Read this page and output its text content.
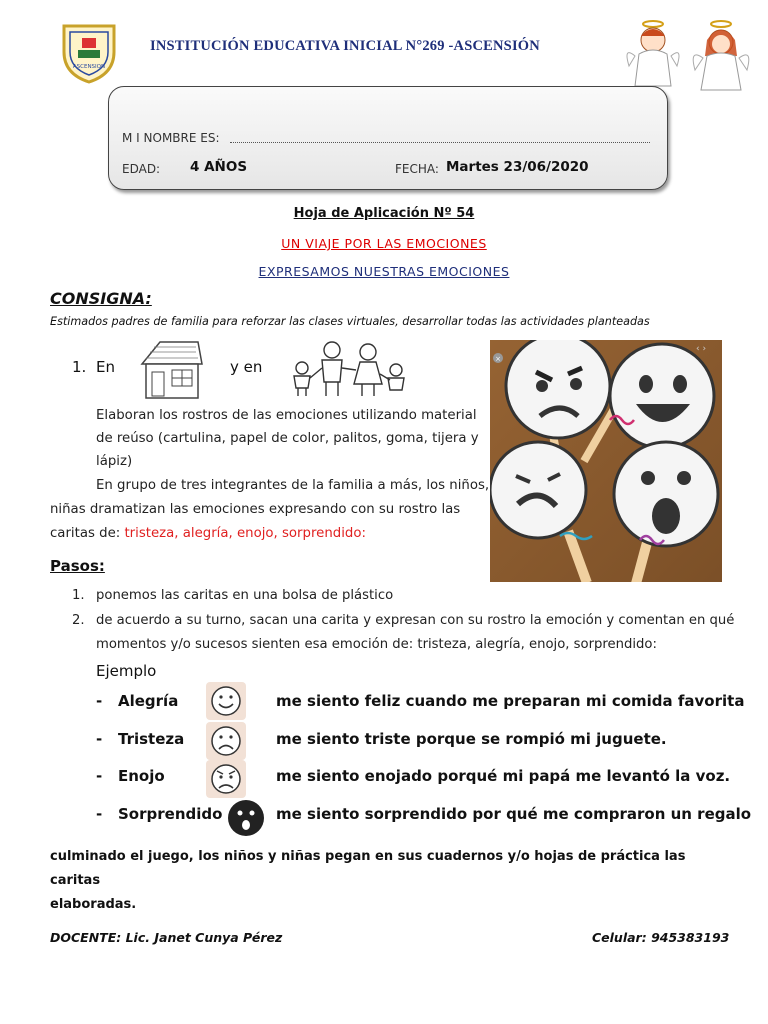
ASCENSION
INSTITUCIÓN EDUCATIVA INICIAL N°269 -ASCENSIÓN
M I NOMBRE ES:
EDAD: 4 AÑOS	FECHA: Martes 23/06/2020
Hoja de Aplicación Nº 54
UN VIAJE POR LAS EMOCIONES
EXPRESAMOS NUESTRAS EMOCIONES
CONSIGNA:
Estimados padres de familia para reforzar las clases virtuales, desarrollar todas las actividades planteadas
1. En	y en
Elaboran los rostros de las emociones utilizando material
de reúso (cartulina, papel de color, palitos, goma, tijera y
lápiz)
En grupo de tres integrantes de la familia a más, los niños,
niñas dramatizan las emociones expresando con su rostro las
caritas de: tristeza, alegría, enojo, sorprendido:
×
‹ ›
Pasos:
1. ponemos las caritas en una bolsa de plástico
2. de acuerdo a su turno, sacan una carita y expresan con su rostro la emoción y comentan en qué
momentos y/o sucesos sienten esa emoción de: tristeza, alegría, enojo, sorprendido:
Ejemplo
- Alegría	me siento feliz cuando me preparan mi comida favorita
- Tristeza	me siento triste porque se rompió mi juguete.
- Enojo	me siento enojado porqué mi papá me levantó la voz.
- Sorprendido	me siento sorprendido por qué me compraron un regalo
culminado el juego, los niños y niñas pegan en sus cuadernos y/o hojas de práctica las caritas
elaboradas.
DOCENTE: Lic. Janet Cunya Pérez	Celular: 945383193
